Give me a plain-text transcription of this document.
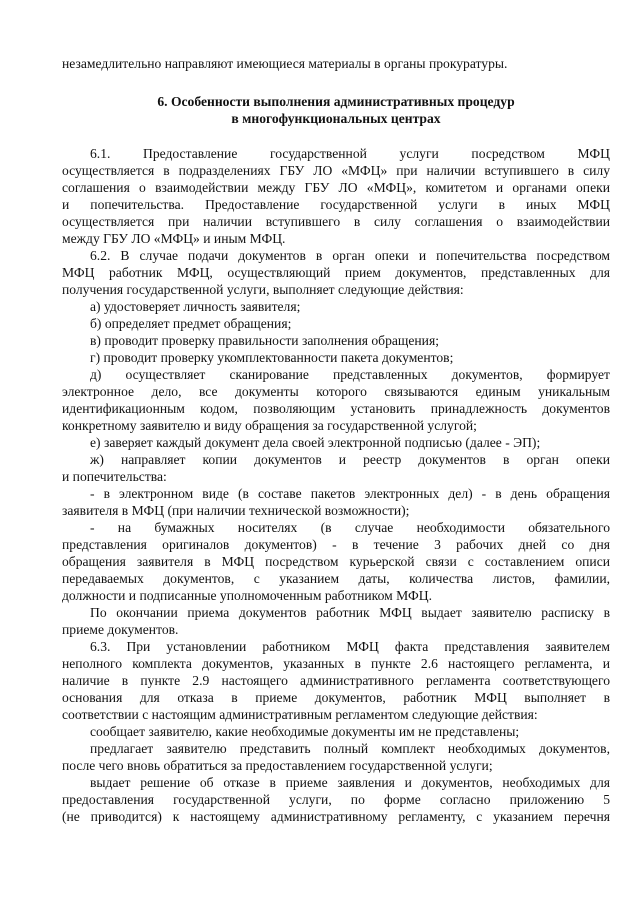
незамедлительно направляют имеющиеся материалы в органы прокуратуры.

6. Особенности выполнения административных процедур

в многофункциональных центрах

6.1. Предоставление государственной услуги посредством МФЦ

осуществляется в подразделениях ГБУ ЛО «МФЦ» при наличии вступившего в силу

соглашения о взаимодействии между ГБУ ЛО «МФЦ», комитетом и органами опеки

и попечительства. Предоставление государственной услуги в иных МФЦ

осуществляется при наличии вступившего в силу соглашения о взаимодействии

между ГБУ ЛО «МФЦ» и иным МФЦ.

6.2. В случае подачи документов в орган опеки и попечительства посредством

МФЦ работник МФЦ, осуществляющий прием документов, представленных для

получения государственной услуги, выполняет следующие действия:

а) удостоверяет личность заявителя;

б) определяет предмет обращения;

в) проводит проверку правильности заполнения обращения;

г) проводит проверку укомплектованности пакета документов;

д) осуществляет сканирование представленных документов, формирует

электронное дело, все документы которого связываются единым уникальным

идентификационным кодом, позволяющим установить принадлежность документов

конкретному заявителю и виду обращения за государственной услугой;

е) заверяет каждый документ дела своей электронной подписью (далее - ЭП);

ж) направляет копии документов и реестр документов в орган опеки

и попечительства:

- в электронном виде (в составе пакетов электронных дел) - в день обращения

заявителя в МФЦ (при наличии технической возможности);

- на бумажных носителях (в случае необходимости обязательного

представления оригиналов документов) - в течение 3 рабочих дней со дня

обращения заявителя в МФЦ посредством курьерской связи с составлением описи

передаваемых документов, с указанием даты, количества листов, фамилии,

должности и подписанные уполномоченным работником МФЦ.

По окончании приема документов работник МФЦ выдает заявителю расписку в

приеме документов.

6.3. При установлении работником МФЦ факта представления заявителем

неполного комплекта документов, указанных в пункте 2.6 настоящего регламента, и

наличие в пункте 2.9 настоящего административного регламента соответствующего

основания для отказа в приеме документов, работник МФЦ выполняет в

соответствии с настоящим административным регламентом следующие действия:

сообщает заявителю, какие необходимые документы им не представлены;

предлагает заявителю представить полный комплект необходимых документов,

после чего вновь обратиться за предоставлением государственной услуги;

выдает решение об отказе в приеме заявления и документов, необходимых для

предоставления государственной услуги, по форме согласно приложению 5

(не приводится) к настоящему административному регламенту, с указанием перечня
